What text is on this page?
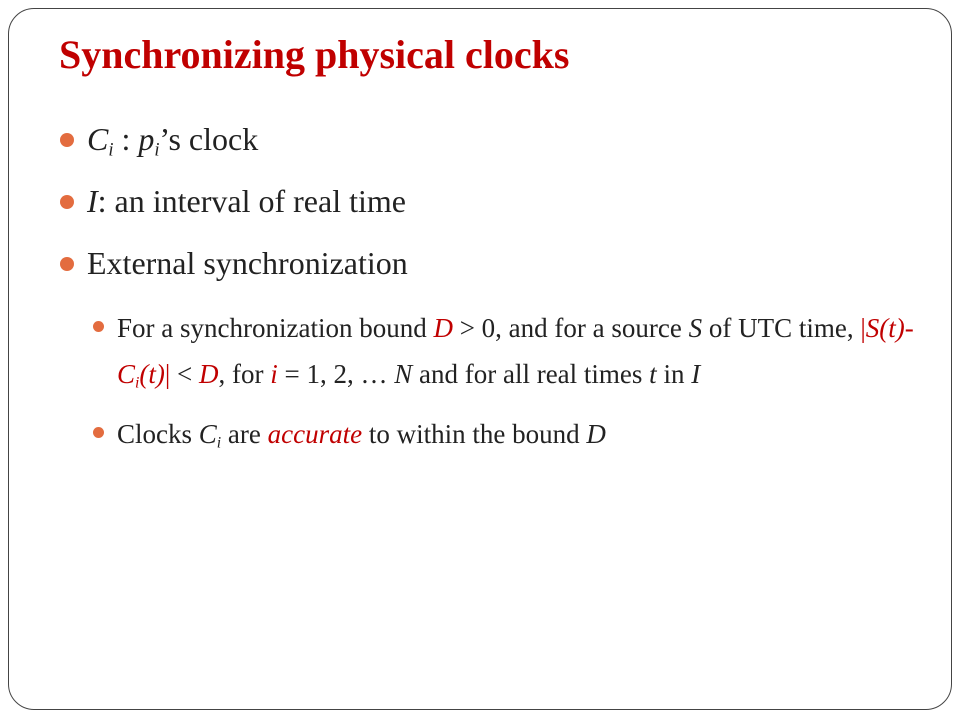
Synchronizing physical clocks
$C_i$ : $p_i’s$ clock
I: an interval of real time
External synchronization
For a synchronization bound D > 0, and for a source S of UTC time, $|S(t)-C_i(t)| < D$, for i = 1, 2, … N and for all real times t in I
Clocks $C_i$ are accurate to within the bound D
